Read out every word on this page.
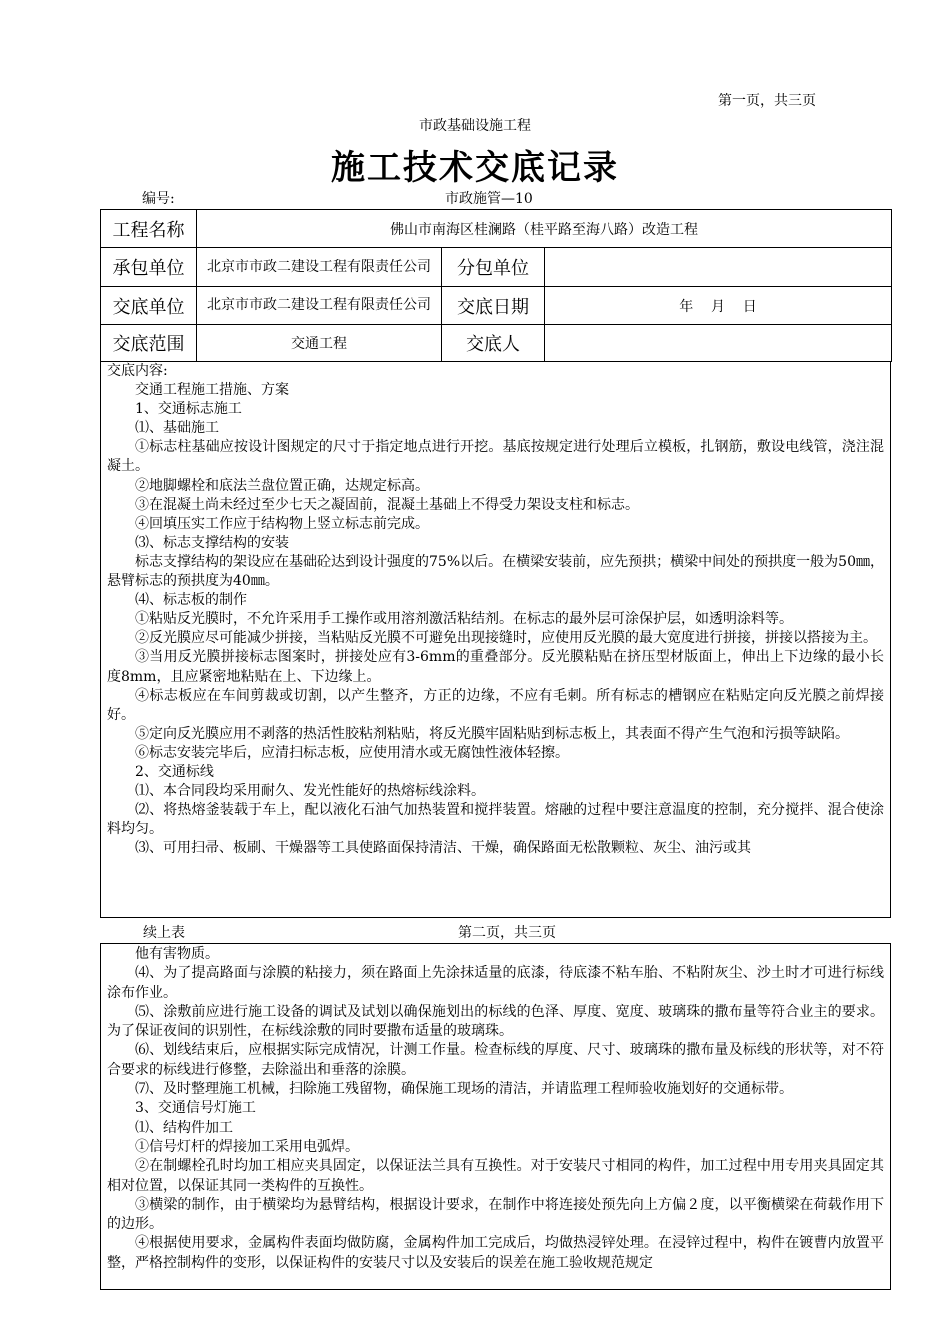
第一页，共三页
市政基础设施工程
施工技术交底记录
编号:	市政施管—10
工程名称	佛山市南海区桂澜路（桂平路至海八路）改造工程		
承包单位	北京市市政二建设工程有限责任公司	分包单位	
交底单位	北京市市政二建设工程有限责任公司	交底日期	年    月    日
交底范围	交通工程	交底人	

交底内容:

交通工程施工措施、方案

1、交通标志施工

⑴、基础施工

①标志柱基础应按设计图规定的尺寸于指定地点进行开挖。基底按规定进行处理后立模板，扎钢筋，敷设电线管，浇注混凝土。

②地脚螺栓和底法兰盘位置正确，达规定标高。

③在混凝土尚未经过至少七天之凝固前，混凝土基础上不得受力架设支柱和标志。

④回填压实工作应于结构物上竖立标志前完成。

⑶、标志支撑结构的安装

标志支撑结构的架设应在基础砼达到设计强度的75%以后。在横梁安装前，应先预拱；横梁中间处的预拱度一般为50㎜，悬臂标志的预拱度为40㎜。

⑷、标志板的制作

①粘贴反光膜时，不允许采用手工操作或用溶剂激活粘结剂。在标志的最外层可涂保护层，如透明涂料等。

②反光膜应尽可能减少拼接，当粘贴反光膜不可避免出现接缝时，应使用反光膜的最大宽度进行拼接，拼接以搭接为主。

③当用反光膜拼接标志图案时，拼接处应有3-6mm的重叠部分。反光膜粘贴在挤压型材版面上，伸出上下边缘的最小长度8mm，且应紧密地粘贴在上、下边缘上。

④标志板应在车间剪裁或切割，以产生整齐，方正的边缘，不应有毛刺。所有标志的槽钢应在粘贴定向反光膜之前焊接好。

⑤定向反光膜应用不剥落的热活性胶粘剂粘贴，将反光膜牢固粘贴到标志板上，其表面不得产生气泡和污损等缺陷。

⑥标志安装完毕后，应清扫标志板，应使用清水或无腐蚀性液体轻擦。

2、交通标线

⑴、本合同段均采用耐久、发光性能好的热熔标线涂料。

⑵、将热熔釜装载于车上，配以液化石油气加热装置和搅拌装置。熔融的过程中要注意温度的控制，充分搅拌、混合使涂料均匀。

⑶、可用扫帚、板刷、干燥器等工具使路面保持清洁、干燥，确保路面无松散颗粒、灰尘、油污或其

续上表	第二页，共三页

他有害物质。

⑷、为了提高路面与涂膜的粘接力，须在路面上先涂抹适量的底漆，待底漆不粘车胎、不粘附灰尘、沙土时才可进行标线涂布作业。

⑸、涂敷前应进行施工设备的调试及试划以确保施划出的标线的色泽、厚度、宽度、玻璃珠的撒布量等符合业主的要求。为了保证夜间的识别性，在标线涂敷的同时要撒布适量的玻璃珠。

⑹、划线结束后，应根据实际完成情况，计测工作量。检查标线的厚度、尺寸、玻璃珠的撒布量及标线的形状等，对不符合要求的标线进行修整，去除溢出和垂落的涂膜。

⑺、及时整理施工机械，扫除施工残留物，确保施工现场的清洁，并请监理工程师验收施划好的交通标带。

3、交通信号灯施工

⑴、结构件加工

①信号灯杆的焊接加工采用电弧焊。

②在制螺栓孔时均加工相应夹具固定，以保证法兰具有互换性。对于安装尺寸相同的构件，加工过程中用专用夹具固定其相对位置，以保证其同一类构件的互换性。

③横梁的制作，由于横梁均为悬臂结构，根据设计要求，在制作中将连接处预先向上方偏２度，以平衡横梁在荷载作用下的边形。

④根据使用要求，金属构件表面均做防腐，金属构件加工完成后，均做热浸锌处理。在浸锌过程中，构件在镀曹内放置平整，严格控制构件的变形，以保证构件的安装尺寸以及安装后的误差在施工验收规范规定
